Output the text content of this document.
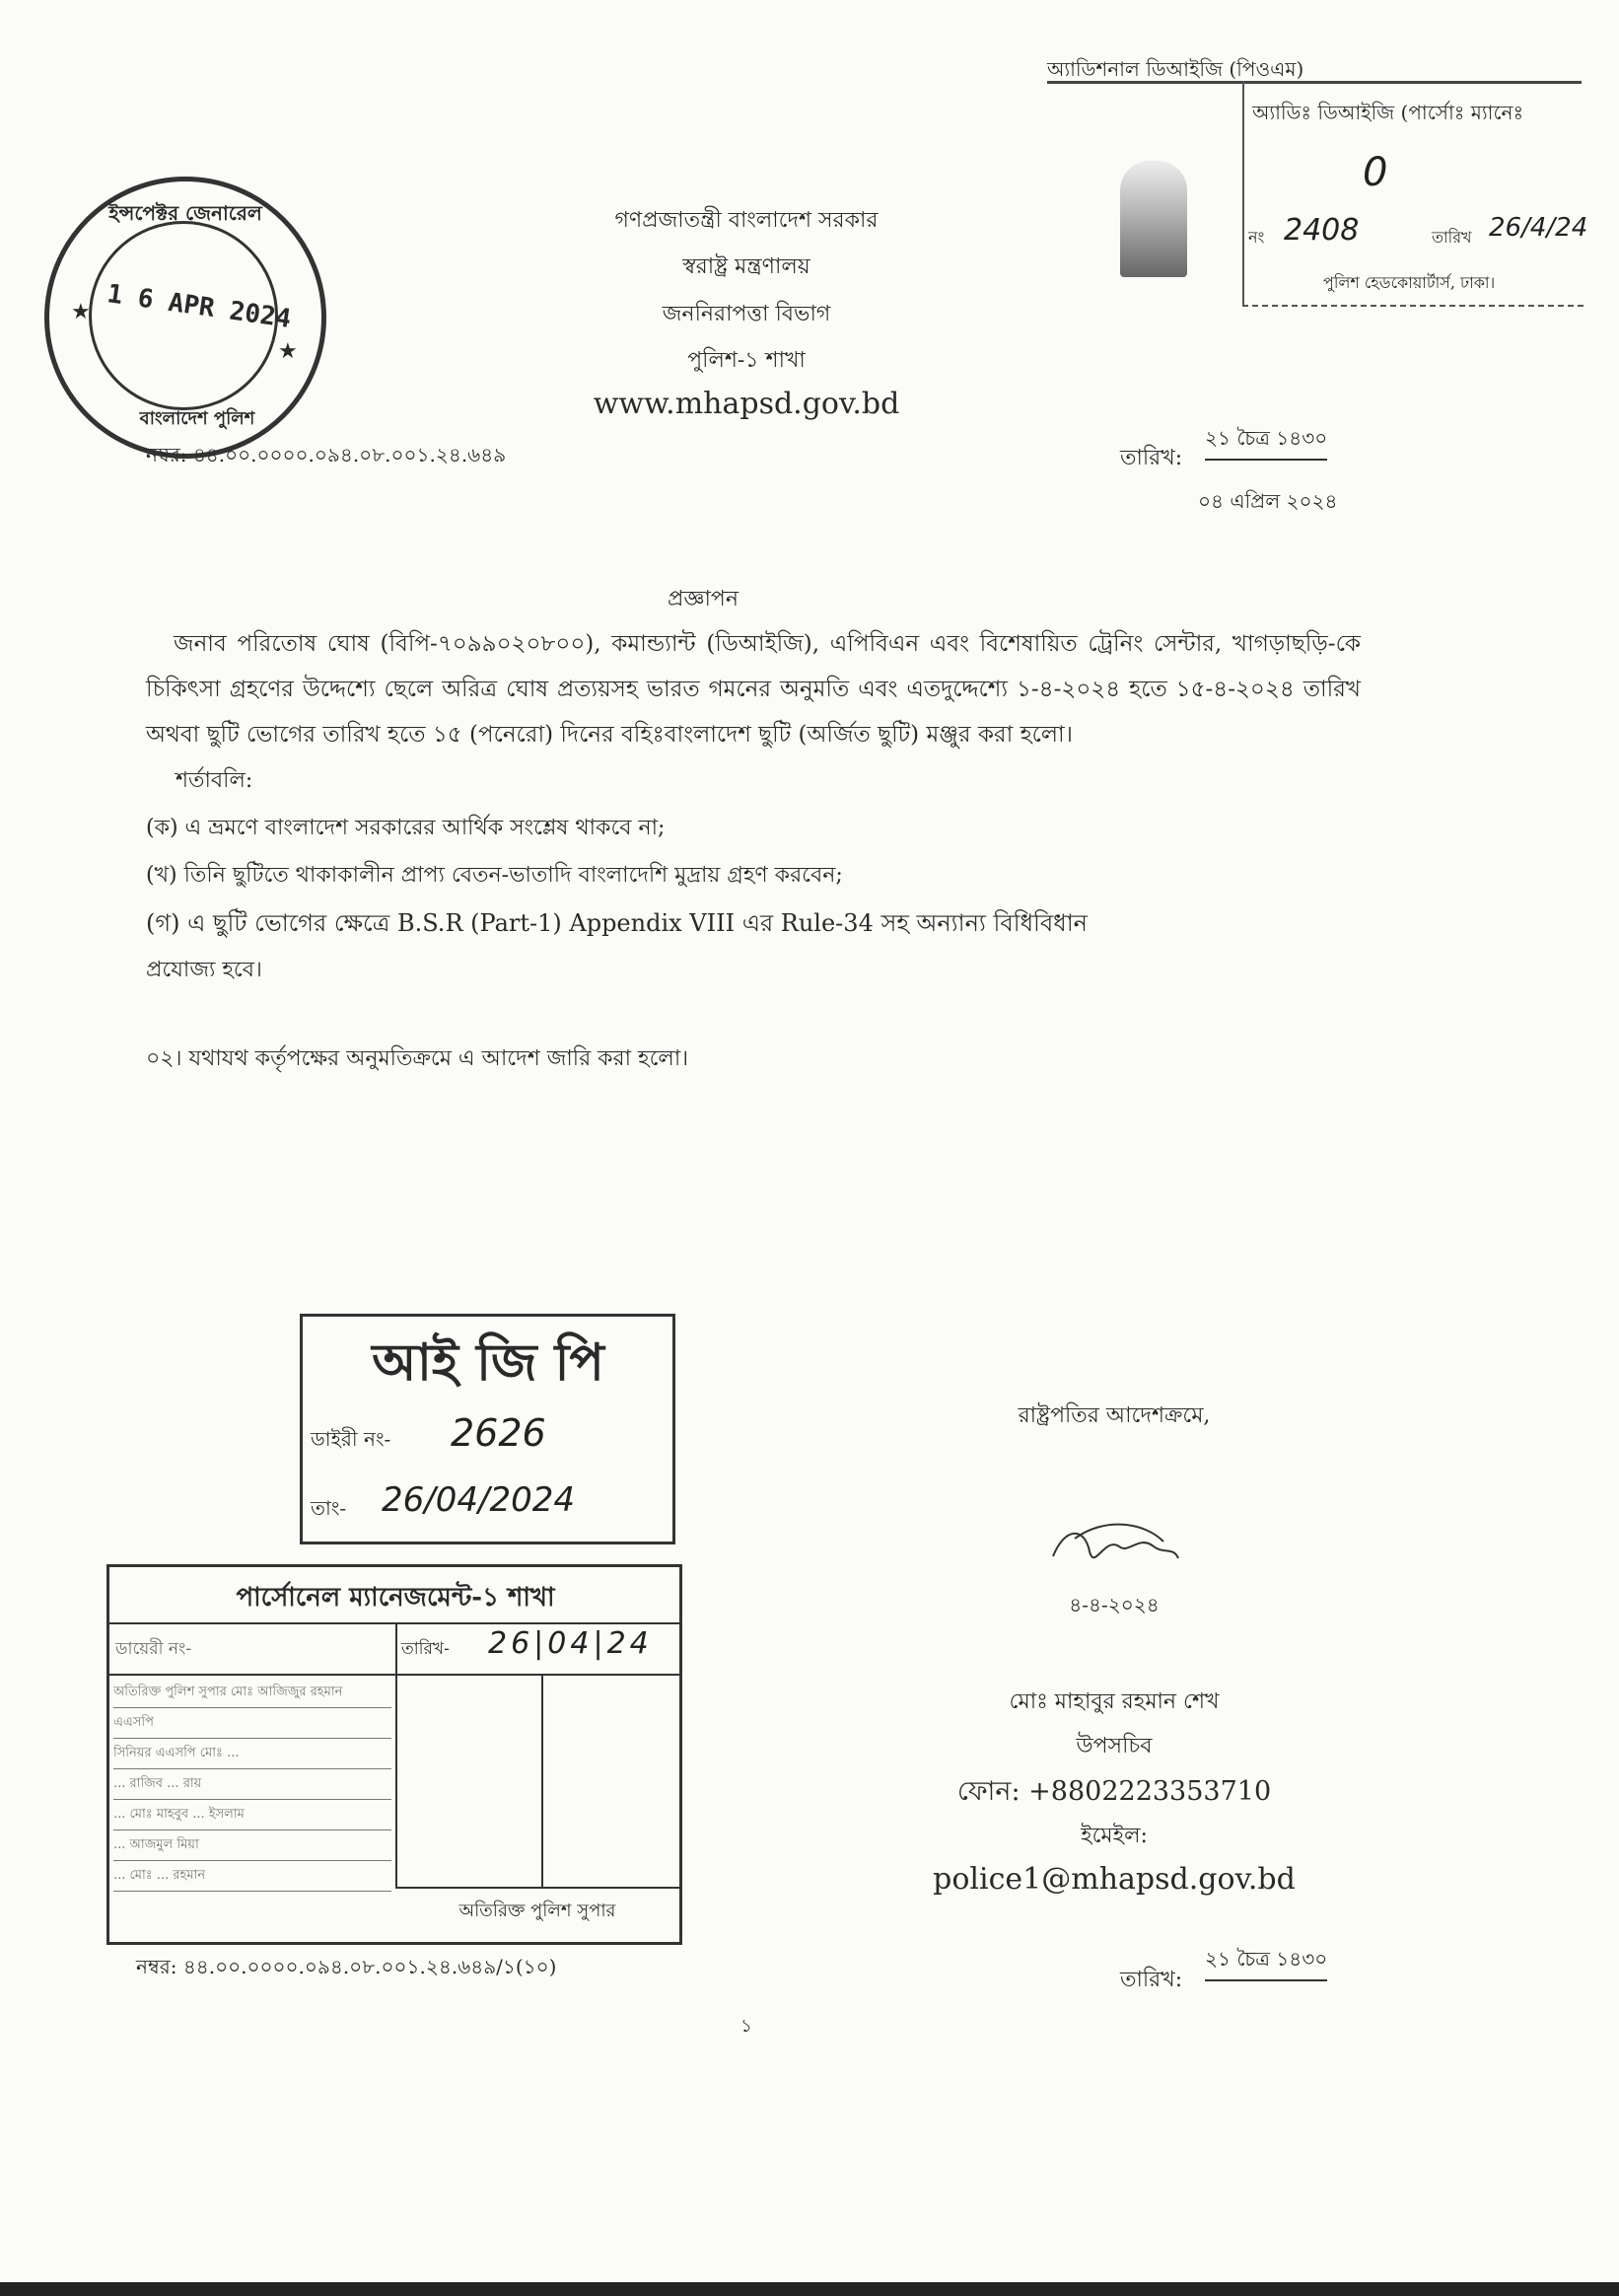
গণপ্রজাতন্ত্রী বাংলাদেশ সরকার
স্বরাষ্ট্র মন্ত্রণালয়
জননিরাপত্তা বিভাগ
পুলিশ-১ শাখা
www.mhapsd.gov.bd
ইন্সপেক্টর জেনারেল
1 6 APR 2024
বাংলাদেশ পুলিশ
★
★
অ্যাডিশনাল ডিআইজি (পিওএম)
অ্যাডিঃ ডিআইজি (পার্সোঃ ম্যানেঃ
0
নং 2408	তারিখ 26/4/24
পুলিশ হেডকোয়ার্টার্স, ঢাকা।
নম্বর: ৪৪.০০.০০০০.০৯৪.০৮.০০১.২৪.৬৪৯	তারিখ:
২১ চৈত্র ১৪৩০
০৪ এপ্রিল ২০২৪
প্রজ্ঞাপন

জনাব পরিতোষ ঘোষ (বিপি-৭০৯৯০২০৮০০), কমান্ড্যান্ট (ডিআইজি), এপিবিএন এবং বিশেষায়িত ট্রেনিং সেন্টার, খাগড়াছড়ি-কে চিকিৎসা গ্রহণের উদ্দেশ্যে ছেলে অরিত্র ঘোষ প্রত্যয়সহ ভারত গমনের অনুমতি এবং এতদুদ্দেশ্যে ১-৪-২০২৪ হতে ১৫-৪-২০২৪ তারিখ অথবা ছুটি ভোগের তারিখ হতে ১৫ (পনেরো) দিনের বহিঃবাংলাদেশ ছুটি (অর্জিত ছুটি) মঞ্জুর করা হলো।

শর্তাবলি:
(ক) এ ভ্রমণে বাংলাদেশ সরকারের আর্থিক সংশ্লেষ থাকবে না;
(খ) তিনি ছুটিতে থাকাকালীন প্রাপ্য বেতন-ভাতাদি বাংলাদেশি মুদ্রায় গ্রহণ করবেন;
(গ) এ ছুটি ভোগের ক্ষেত্রে B.S.R (Part-1) Appendix VIII এর Rule-34 সহ অন্যান্য বিধিবিধান
প্রযোজ্য হবে।
০২। যথাযথ কর্তৃপক্ষের অনুমতিক্রমে এ আদেশ জারি করা হলো।
আই জি পি
ডাইরী নং- 2626
তাং- 26/04/2024
পার্সোনেল ম্যানেজমেন্ট-১ শাখা
ডায়েরী নং-	তারিখ- 26|04|24
অতিরিক্ত পুলিশ সুপার মোঃ আজিজুর রহমান
এএসপি
সিনিয়র এএসপি মোঃ ...
... রাজিব ... রায়
... মোঃ মাহবুব ... ইসলাম
... আজমুল মিয়া
... মোঃ ... রহমান
অতিরিক্ত পুলিশ সুপার
নম্বর: ৪৪.০০.০০০০.০৯৪.০৮.০০১.২৪.৬৪৯/১(১০)
তারিখ:
২১ চৈত্র ১৪৩০
রাষ্ট্রপতির আদেশক্রমে,
৪-৪-২০২৪
মোঃ মাহাবুর রহমান শেখ
উপসচিব
ফোন: +8802223353710
ইমেইল:
police1@mhapsd.gov.bd
১
